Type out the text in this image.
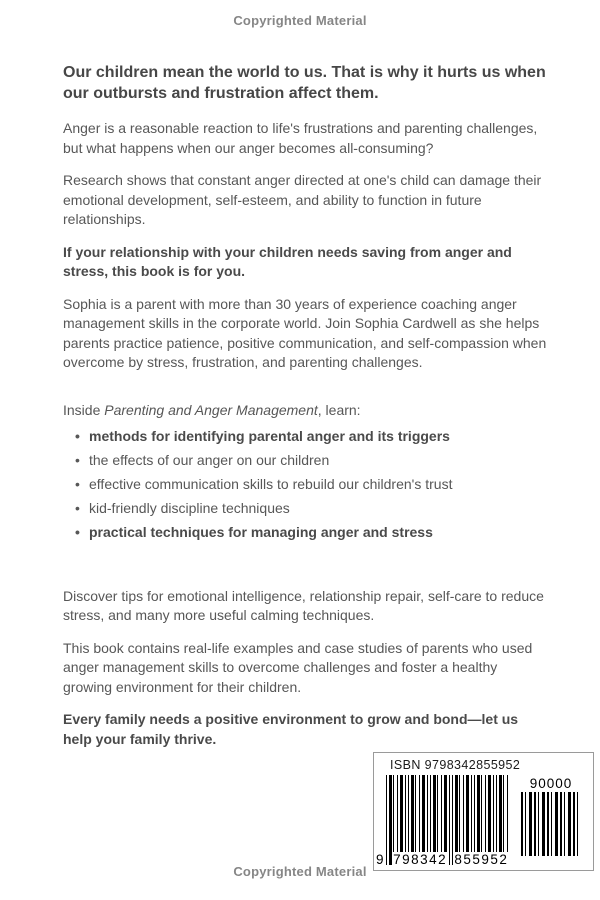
Copyrighted Material
Our children mean the world to us. That is why it hurts us when our outbursts and frustration affect them.

Anger is a reasonable reaction to life's frustrations and parenting challenges, but what happens when our anger becomes all-consuming?

Research shows that constant anger directed at one's child can damage their emotional development, self-esteem, and ability to function in future relationships.

If your relationship with your children needs saving from anger and stress, this book is for you.

Sophia is a parent with more than 30 years of experience coaching anger management skills in the corporate world. Join Sophia Cardwell as she helps parents practice patience, positive communication, and self-compassion when overcome by stress, frustration, and parenting challenges.

Inside Parenting and Anger Management, learn:

• methods for identifying parental anger and its triggers
• the effects of our anger on our children
• effective communication skills to rebuild our children's trust
• kid-friendly discipline techniques
• practical techniques for managing anger and stress

Discover tips for emotional intelligence, relationship repair, self-care to reduce stress, and many more useful calming techniques.

This book contains real-life examples and case studies of parents who used anger management skills to overcome challenges and foster a healthy growing environment for their children.

Every family needs a positive environment to grow and bond—let us help your family thrive.

ISBN 9798342855952
9 798342 855952
90000
Copyrighted Material
